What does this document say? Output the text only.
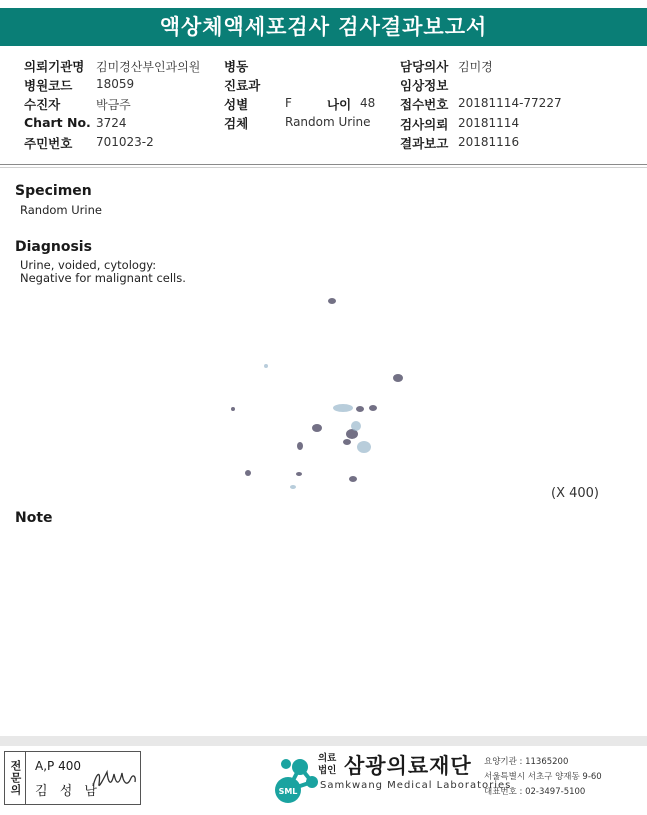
액상체액세포검사 검사결과보고서
의뢰기관명 김미경산부인과의원
병원코드 18059
수진자	박금주
Chart No. 3724
주민번호 701023-2
병동
진료과
성별	F	나이 48
검체	Random Urine
담당의사 김미경
임상정보
접수번호 20181114-77227
검사의뢰 20181114
결과보고 20181116
Specimen
Random Urine
Diagnosis
Urine, voided, cytology:
Negative for malignant cells.
(X 400)
Note
전문의	A,P 400
김 성 남	SML
의료
법인 삼광의료재단
Samkwang Medical Laboratories
요양기관 : 11365200
서울특별시 서초구 양재동 9-60
대표번호 : 02-3497-5100
